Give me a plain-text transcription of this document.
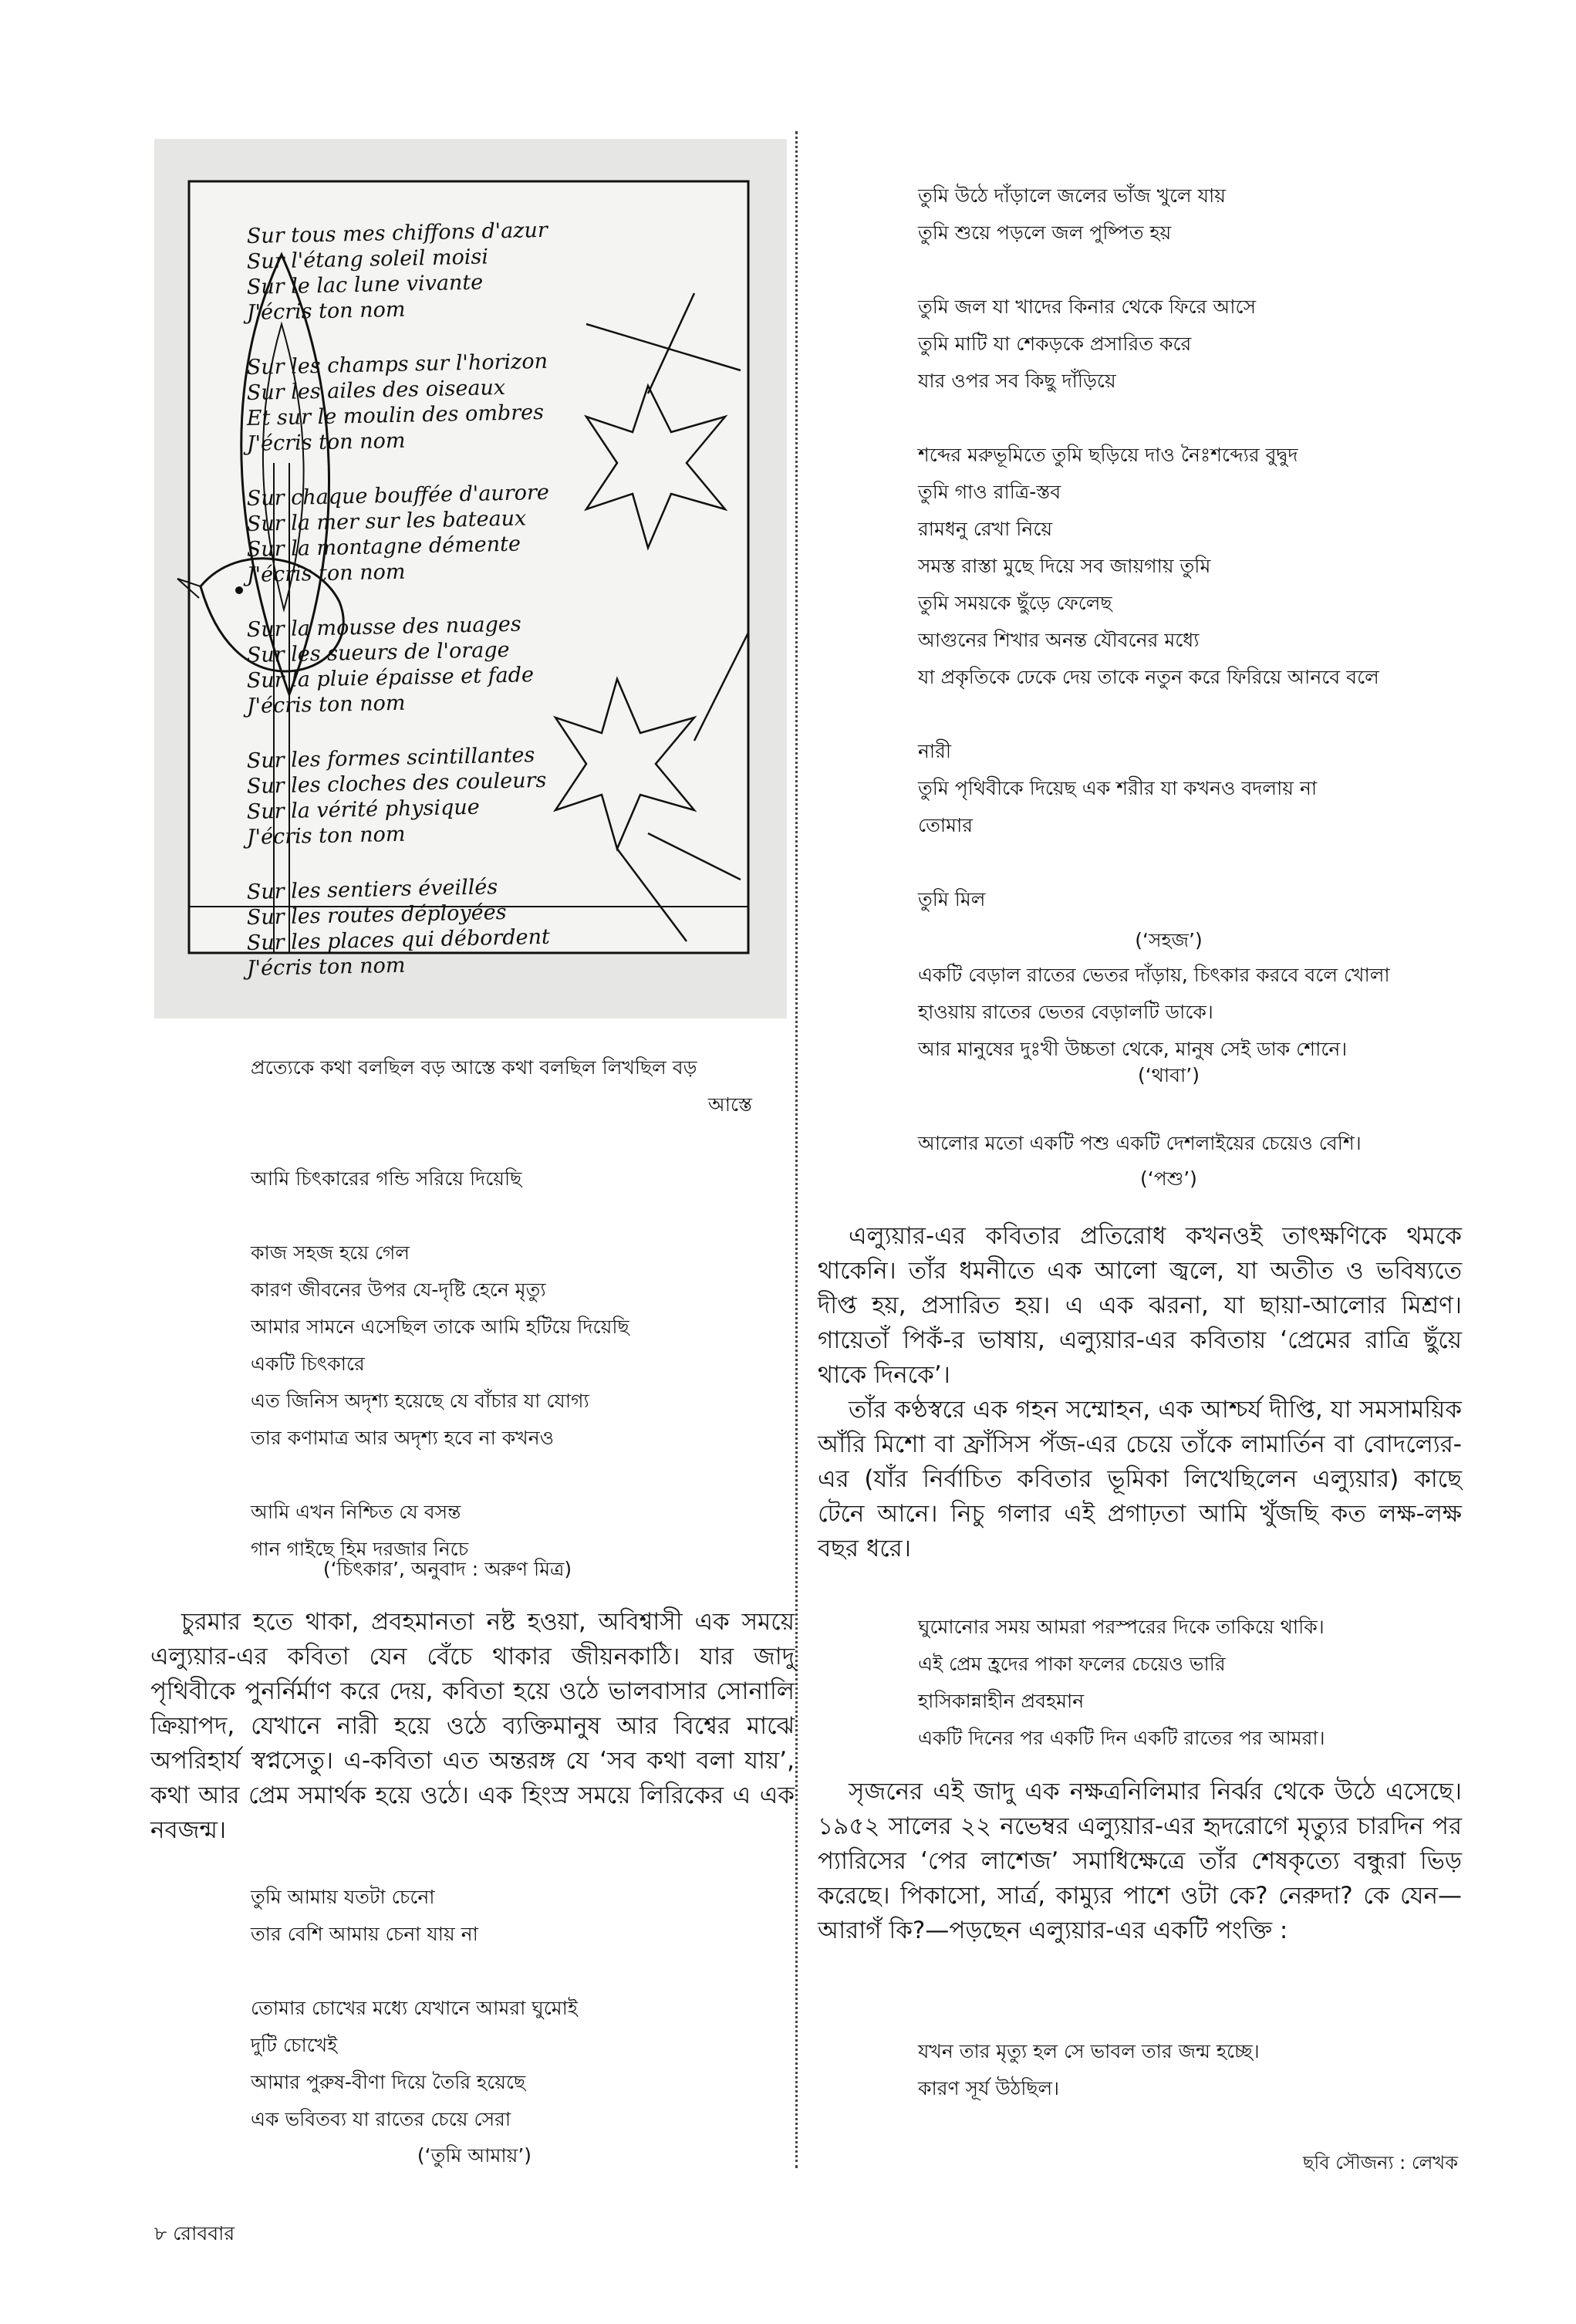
Sur tous mes chiffons d'azur
Sur l'étang soleil moisi
Sur le lac lune vivante
J'écris ton nom
Sur les champs sur l'horizon
Sur les ailes des oiseaux
Et sur le moulin des ombres
J'écris ton nom
Sur chaque bouffée d'aurore
Sur la mer sur les bateaux
Sur la montagne démente
J'écris ton nom
Sur la mousse des nuages
Sur les sueurs de l'orage
Sur la pluie épaisse et fade
J'écris ton nom
Sur les formes scintillantes
Sur les cloches des couleurs
Sur la vérité physique
J'écris ton nom
Sur les sentiers éveillés
Sur les routes déployées
Sur les places qui débordent
J'écris ton nom
প্রত্যেকে কথা বলছিল বড় আস্তে কথা বলছিল লিখছিল বড়
আস্তে
আমি চিৎকারের গন্ডি সরিয়ে দিয়েছি
কাজ সহজ হয়ে গেল
কারণ জীবনের উপর যে-দৃষ্টি হেনে মৃত্যু
আমার সামনে এসেছিল তাকে আমি হটিয়ে দিয়েছি
একটি চিৎকারে
এত জিনিস অদৃশ্য হয়েছে যে বাঁচার যা যোগ্য
তার কণামাত্র আর অদৃশ্য হবে না কখনও
আমি এখন নিশ্চিত যে বসন্ত
গান গাইছে হিম দরজার নিচে
(‘চিৎকার’, অনুবাদ : অরুণ মিত্র)

চুরমার হতে থাকা, প্রবহমানতা নষ্ট হওয়া, অবিশ্বাসী এক সময়ে এল্যুয়ার-এর কবিতা যেন বেঁচে থাকার জীয়নকাঠি। যার জাদু পৃথিবীকে পুনর্নির্মাণ করে দেয়, কবিতা হয়ে ওঠে ভালবাসার সোনালি ক্রিয়াপদ, যেখানে নারী হয়ে ওঠে ব্যক্তিমানুষ আর বিশ্বের মাঝে অপরিহার্য স্বপ্নসেতু। এ-কবিতা এত অন্তরঙ্গ যে ‘সব কথা বলা যায়’, কথা আর প্রেম সমার্থক হয়ে ওঠে। এক হিংস্র সময়ে লিরিকের এ এক নবজন্ম।

তুমি আমায় যতটা চেনো
তার বেশি আমায় চেনা যায় না
তোমার চোখের মধ্যে যেখানে আমরা ঘুমোই
দুটি চোখেই
আমার পুরুষ-বীণা দিয়ে তৈরি হয়েছে
এক ভবিতব্য যা রাতের চেয়ে সেরা
(‘তুমি আমায়’)
৮ রোববার
তুমি উঠে দাঁড়ালে জলের ভাঁজ খুলে যায়
তুমি শুয়ে পড়লে জল পুষ্পিত হয়
তুমি জল যা খাদের কিনার থেকে ফিরে আসে
তুমি মাটি যা শেকড়কে প্রসারিত করে
যার ওপর সব কিছু দাঁড়িয়ে
শব্দের মরুভূমিতে তুমি ছড়িয়ে দাও নৈঃশব্দ্যের বুদ্বুদ
তুমি গাও রাত্রি-স্তব
রামধনু রেখা নিয়ে
সমস্ত রাস্তা মুছে দিয়ে সব জায়গায় তুমি
তুমি সময়কে ছুঁড়ে ফেলেছ
আগুনের শিখার অনন্ত যৌবনের মধ্যে
যা প্রকৃতিকে ঢেকে দেয় তাকে নতুন করে ফিরিয়ে আনবে বলে
নারী
তুমি পৃথিবীকে দিয়েছ এক শরীর যা কখনও বদলায় না
তোমার
তুমি মিল
(‘সহজ’)
একটি বেড়াল রাতের ভেতর দাঁড়ায়, চিৎকার করবে বলে খোলা
হাওয়ায় রাতের ভেতর বেড়ালটি ডাকে।
আর মানুষের দুঃখী উচ্চতা থেকে, মানুষ সেই ডাক শোনে।
(‘থাবা’)
আলোর মতো একটি পশু একটি দেশলাইয়ের চেয়েও বেশি।
(‘পশু’)

এল্যুয়ার-এর কবিতার প্রতিরোধ কখনওই তাৎক্ষণিকে থমকে থাকেনি। তাঁর ধমনীতে এক আলো জ্বলে, যা অতীত ও ভবিষ্যতে দীপ্ত হয়, প্রসারিত হয়। এ এক ঝরনা, যা ছায়া-আলোর মিশ্রণ। গায়েতাঁ পিকঁ-র ভাষায়, এল্যুয়ার-এর কবিতায় ‘প্রেমের রাত্রি ছুঁয়ে থাকে দিনকে’।

তাঁর কণ্ঠস্বরে এক গহন সম্মোহন, এক আশ্চর্য দীপ্তি, যা সমসাময়িক আঁরি মিশো বা ফ্রাঁসিস পঁজ-এর চেয়ে তাঁকে লামার্তিন বা বোদল্যের-এর (যাঁর নির্বাচিত কবিতার ভূমিকা লিখেছিলেন এল্যুয়ার) কাছে টেনে আনে। নিচু গলার এই প্রগাঢ়তা আমি খুঁজছি কত লক্ষ-লক্ষ বছর ধরে।

ঘুমোনোর সময় আমরা পরস্পরের দিকে তাকিয়ে থাকি।
এই প্রেম হ্রদের পাকা ফলের চেয়েও ভারি
হাসিকান্নাহীন প্রবহমান
একটি দিনের পর একটি দিন একটি রাতের পর আমরা।

সৃজনের এই জাদু এক নক্ষত্রনিলিমার নির্ঝর থেকে উঠে এসেছে। ১৯৫২ সালের ২২ নভেম্বর এল্যুয়ার-এর হৃদরোগে মৃত্যুর চারদিন পর প্যারিসের ‘পের লাশেজ’ সমাধিক্ষেত্রে তাঁর শেষকৃত্যে বন্ধুরা ভিড় করেছে। পিকাসো, সার্ত্র, কাম্যুর পাশে ওটা কে? নেরুদা? কে যেন—আরাগঁ কি?—পড়ছেন এল্যুয়ার-এর একটি পংক্তি :

যখন তার মৃত্যু হল সে ভাবল তার জন্ম হচ্ছে।
কারণ সূর্য উঠছিল।
ছবি সৌজন্য : লেখক
